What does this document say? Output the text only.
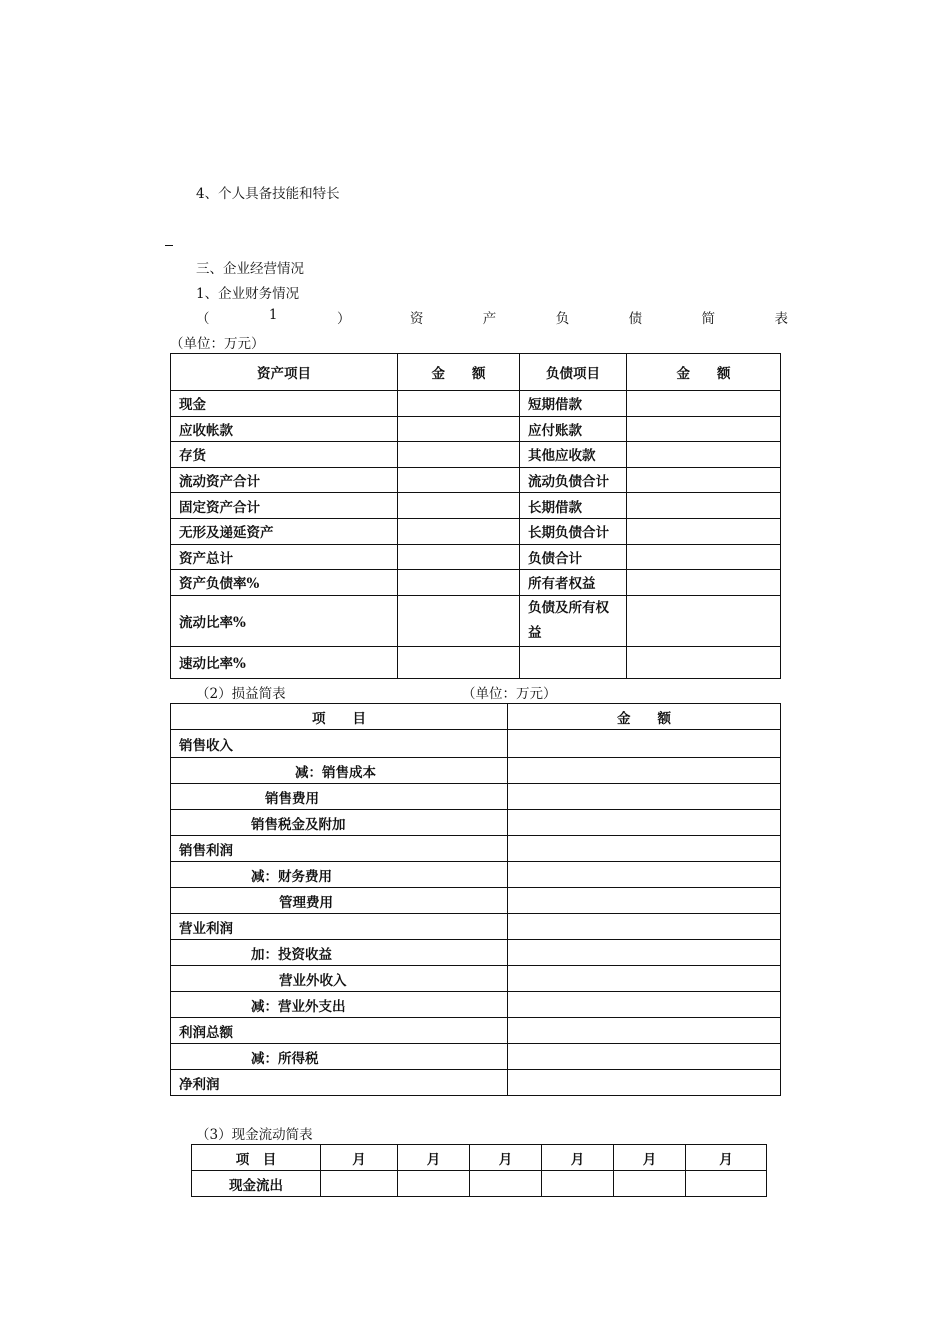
4、个人具备技能和特长
三、企业经营情况
1、企业财务情况
（	1	）	资	产	负	债	简	表
（单位：万元）
资产项目	金　　额	负债项目	金　　额
现金		短期借款	
应收帐款		应付账款	
存货		其他应收款	
流动资产合计		流动负债合计	
固定资产合计		长期借款	
无形及递延资产		长期负债合计	
资产总计		负债合计	
资产负债率%		所有者权益	
流动比率%		负债及所有权益	
速动比率%			
（2）损益简表	（单位：万元）
项　　目	金　　额
销售收入	
减：销售成本	
销售费用	
销售税金及附加	
销售利润	
减：财务费用	
管理费用	
营业利润	
加：投资收益	
营业外收入	
减：营业外支出	
利润总额	
减：所得税	
净利润	
（3）现金流动简表
项　目	月	月	月	月	月	月
现金流出						
